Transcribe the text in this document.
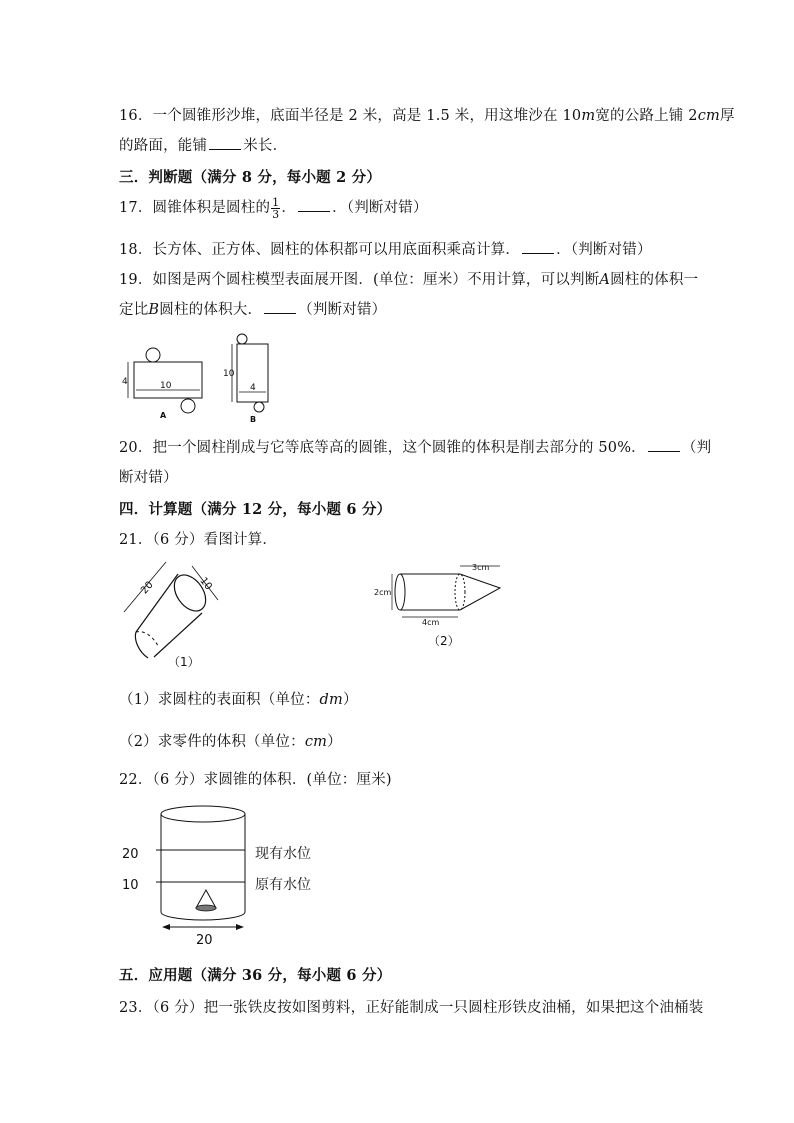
16．一个圆锥形沙堆，底面半径是 2 米，高是 1.5 米，用这堆沙在 10m宽的公路上铺 2cm厚
的路面，能铺 米长．
三．判断题（满分 8 分，每小题 2 分）
17．圆锥体积是圆柱的 $\frac{1}{3}$ ． ．（判断对错）
18．长方体、正方体、圆柱的体积都可以用底面积乘高计算． ．（判断对错）
19．如图是两个圆柱模型表面展开图．(单位：厘米）不用计算，可以判断A圆柱的体积一
定比B圆柱的体积大． （判断对错）
4	10
A
10
4
B
20．把一个圆柱削成与它等底等高的圆锥，这个圆锥的体积是削去部分的 50%． （判
断对错）
四．计算题（满分 12 分，每小题 6 分）
21．（6 分）看图计算．
20	10
（1）
3cm
2cm
4cm
（2）
（1）求圆柱的表面积（单位：dm）
（2）求零件的体积（单位：cm）
22．（6 分）求圆锥的体积．(单位：厘米)
20
10
现有水位
原有水位
20
五．应用题（满分 36 分，每小题 6 分）
23．（6 分）把一张铁皮按如图剪料，正好能制成一只圆柱形铁皮油桶，如果把这个油桶装
